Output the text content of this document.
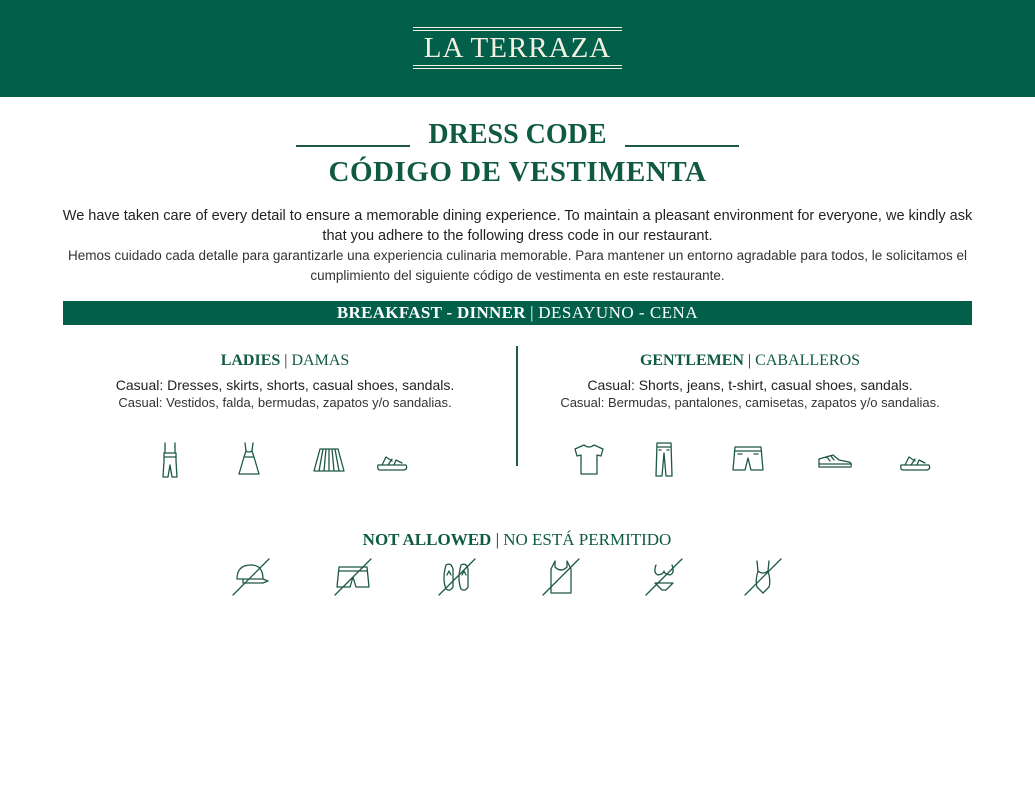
LA TERRAZA
DRESS CODE
CÓDIGO DE VESTIMENTA

We have taken care of every detail to ensure a memorable dining experience. To maintain a pleasant environment for everyone, we kindly ask that you adhere to the following dress code in our restaurant.

Hemos cuidado cada detalle para garantizarle una experiencia culinaria memorable. Para mantener un entorno agradable para todos, le solicitamos el cumplimiento del siguiente código de vestimenta en este restaurante.

BREAKFAST - DINNER | DESAYUNO - CENA
LADIES | DAMAS
Casual: Dresses, skirts, shorts, casual shoes, sandals.
Casual: Vestidos, falda, bermudas, zapatos y/o sandalias.
GENTLEMEN | CABALLEROS
Casual: Shorts, jeans, t-shirt, casual shoes, sandals.
Casual: Bermudas, pantalones, camisetas, zapatos y/o sandalias.
NOT ALLOWED | NO ESTÁ PERMITIDO
